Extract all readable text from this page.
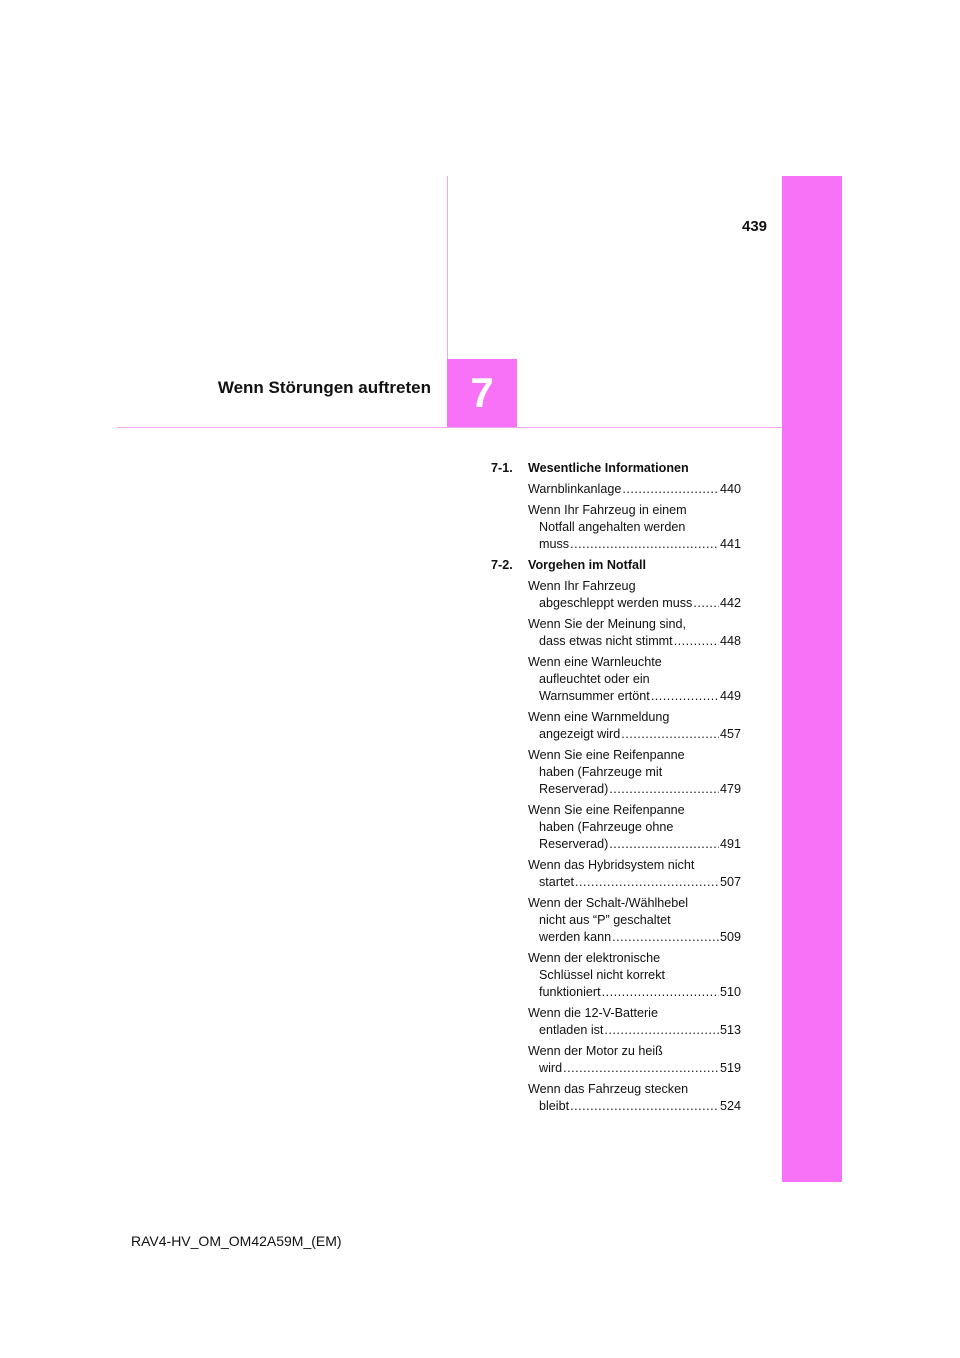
Wenn Störungen auftreten 7
439
7-1.	Wesentliche Informationen
Warnblinkanlage .....	440
Wenn Ihr Fahrzeug in einem
Notfall angehalten werden
muss .....	441
7-2.	Vorgehen im Notfall
Wenn Ihr Fahrzeug
abgeschleppt werden muss ..... 442
Wenn Sie der Meinung sind,
dass etwas nicht stimmt .....	448
Wenn eine Warnleuchte
aufleuchtet oder ein
Warnsummer ertönt .....	449
Wenn eine Warnmeldung
angezeigt wird .....	457
Wenn Sie eine Reifenpanne
haben (Fahrzeuge mit
Reserverad) .....	479
Wenn Sie eine Reifenpanne
haben (Fahrzeuge ohne
Reserverad) .....	491
Wenn das Hybridsystem nicht
startet .....	507
Wenn der Schalt-/Wählhebel
nicht aus “P” geschaltet
werden kann .....	509
Wenn der elektronische
Schlüssel nicht korrekt
funktioniert .....	510
Wenn die 12-V-Batterie
entladen ist .....	513
Wenn der Motor zu heiß
wird .....	519
Wenn das Fahrzeug stecken
bleibt .....	524
RAV4-HV_OM_OM42A59M_(EM)
